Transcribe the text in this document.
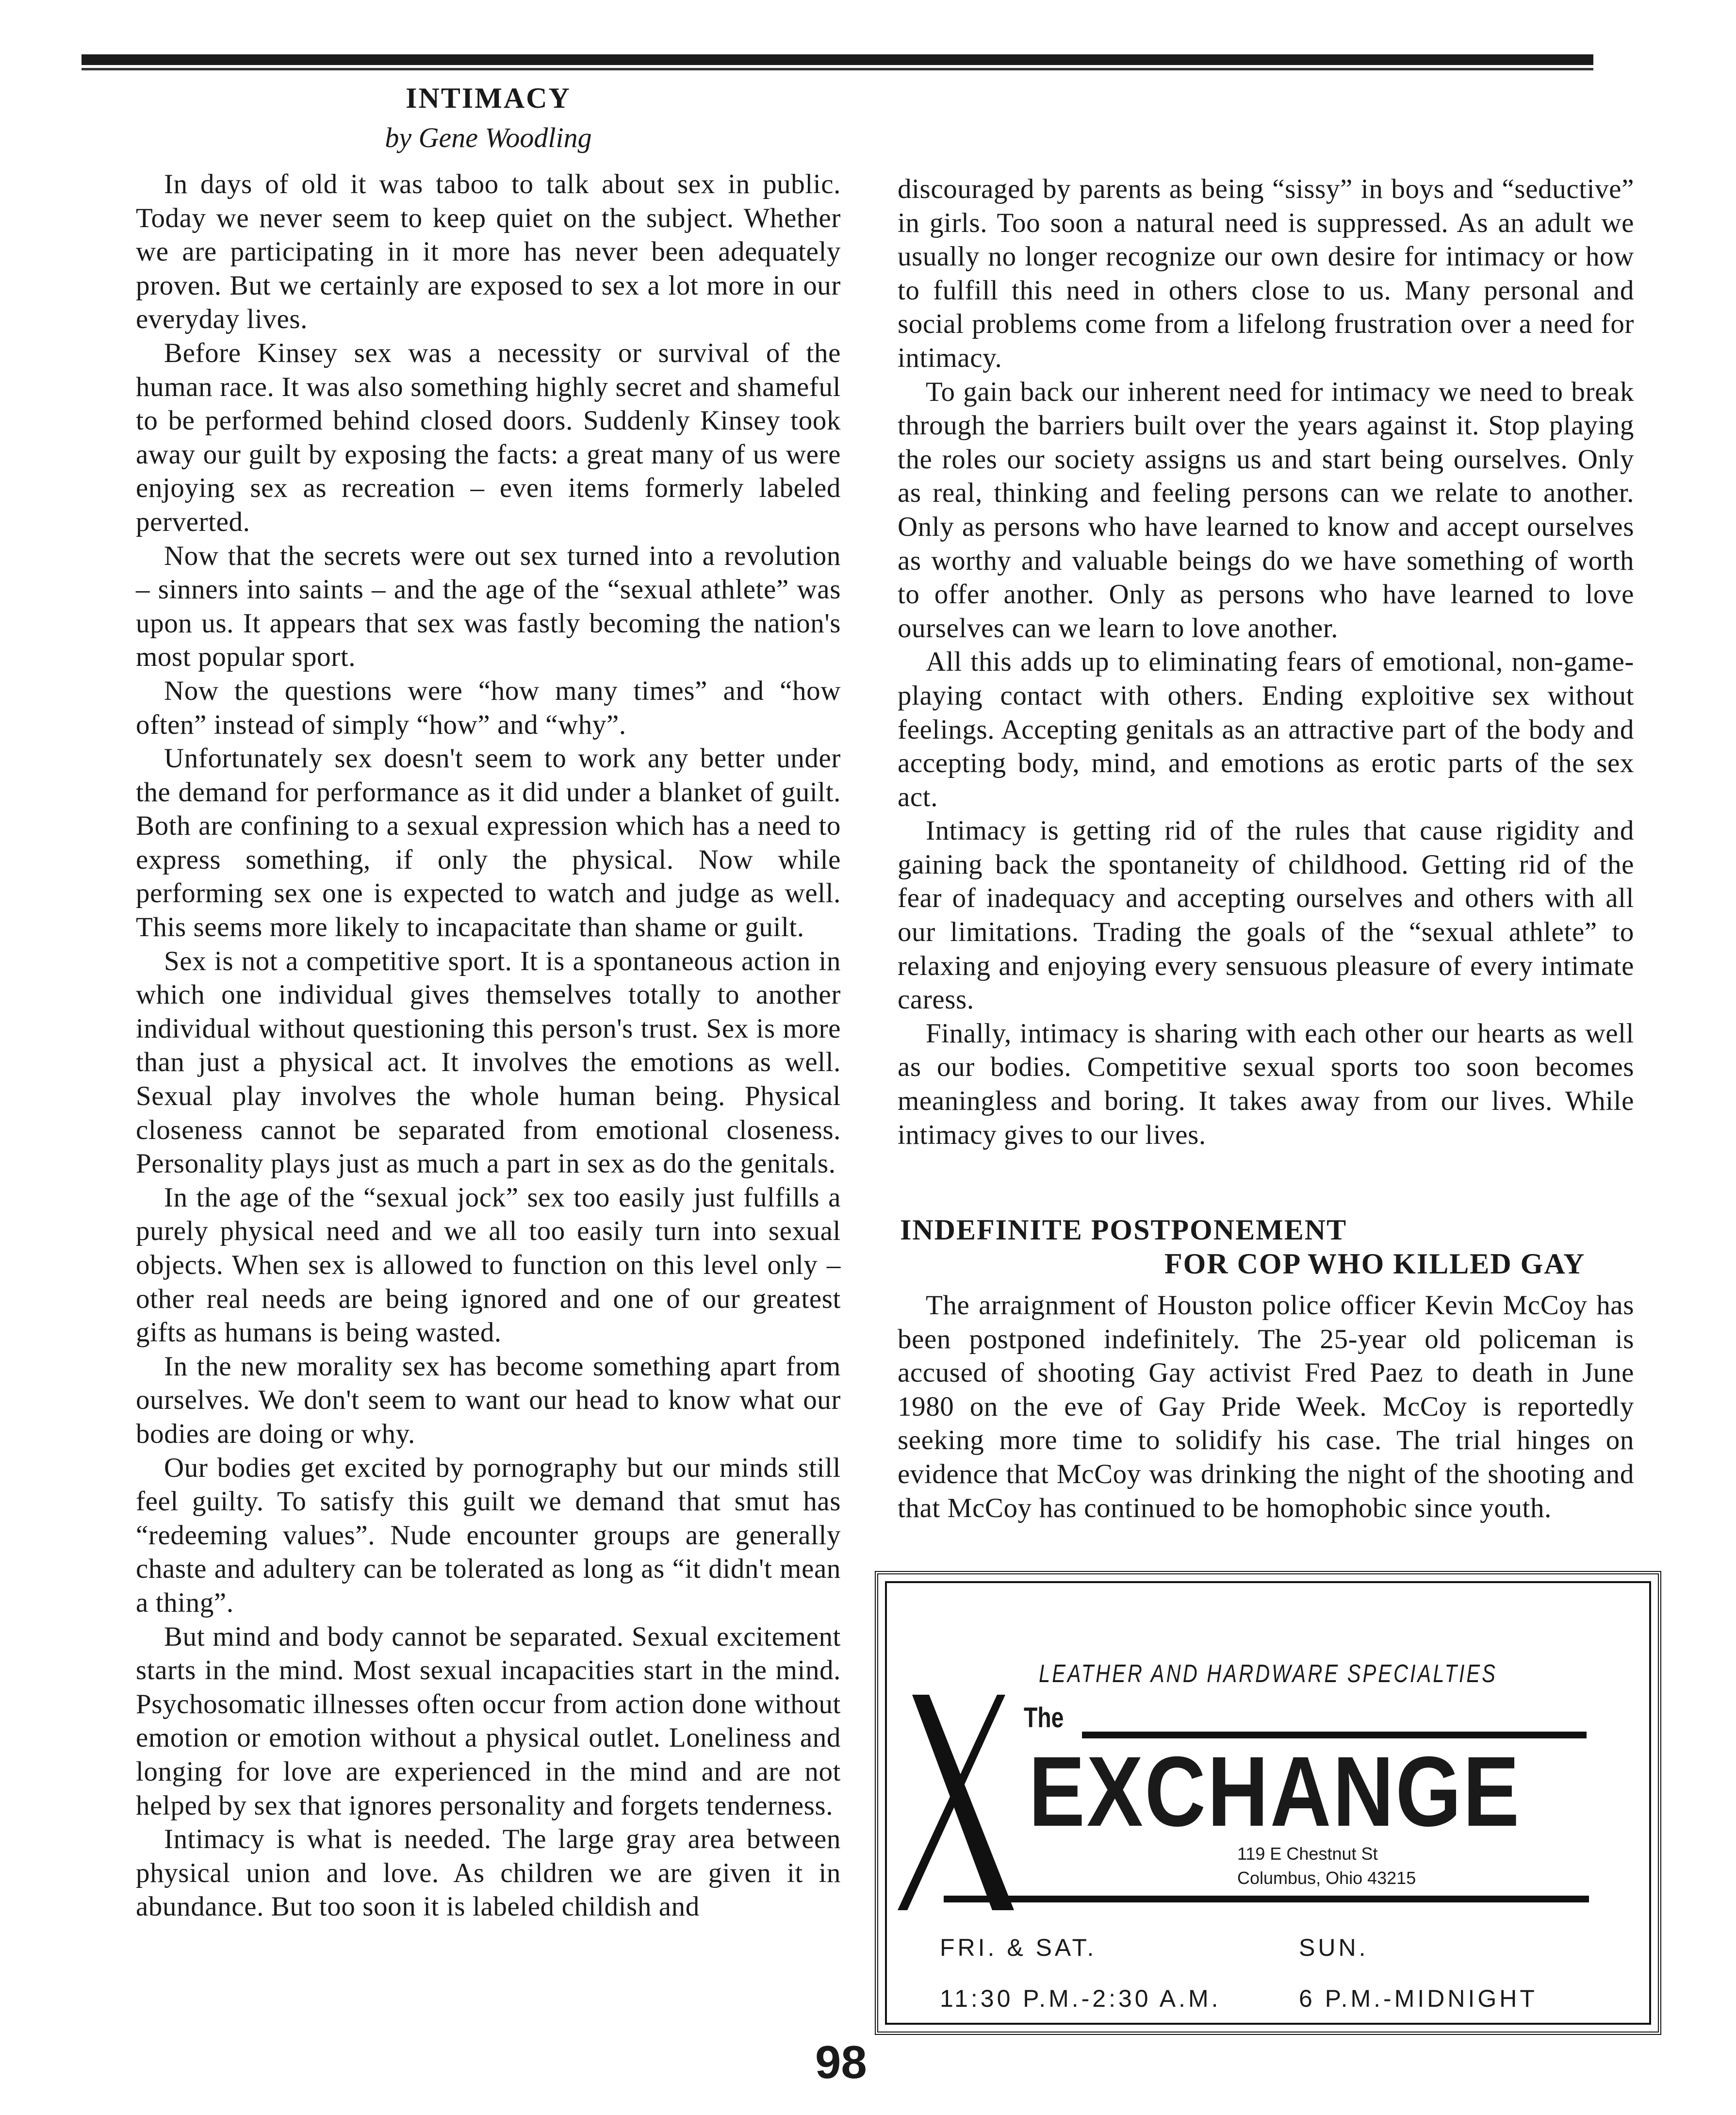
INTIMACY
by Gene Woodling

In days of old it was taboo to talk about sex in public. Today we never seem to keep quiet on the subject. Whether we are participating in it more has never been adequately proven. But we certainly are exposed to sex a lot more in our everyday lives.

Before Kinsey sex was a necessity or survival of the human race. It was also something highly secret and shameful to be performed behind closed doors. Suddenly Kinsey took away our guilt by exposing the facts: a great many of us were enjoying sex as recreation – even items formerly labeled perverted.

Now that the secrets were out sex turned into a revolution – sinners into saints – and the age of the “sexual athlete” was upon us. It appears that sex was fastly becoming the nation's most popular sport.

Now the questions were “how many times” and “how often” instead of simply “how” and “why”.

Unfortunately sex doesn't seem to work any better under the demand for performance as it did under a blanket of guilt. Both are confining to a sexual expression which has a need to express something, if only the physical. Now while performing sex one is expected to watch and judge as well. This seems more likely to incapacitate than shame or guilt.

Sex is not a competitive sport. It is a spontaneous action in which one individual gives themselves totally to another individual without questioning this person's trust. Sex is more than just a physical act. It involves the emotions as well. Sexual play involves the whole human being. Physical closeness cannot be separated from emotional closeness. Personality plays just as much a part in sex as do the genitals.

In the age of the “sexual jock” sex too easily just fulfills a purely physical need and we all too easily turn into sexual objects. When sex is allowed to function on this level only – other real needs are being ignored and one of our greatest gifts as humans is being wasted.

In the new morality sex has become something apart from ourselves. We don't seem to want our head to know what our bodies are doing or why.

Our bodies get excited by pornography but our minds still feel guilty. To satisfy this guilt we demand that smut has “redeeming values”. Nude encounter groups are generally chaste and adultery can be tolerated as long as “it didn't mean a thing”.

But mind and body cannot be separated. Sexual excitement starts in the mind. Most sexual incapacities start in the mind. Psychosomatic illnesses often occur from action done without emotion or emotion without a physical outlet. Loneliness and longing for love are experienced in the mind and are not helped by sex that ignores personality and forgets tenderness.

Intimacy is what is needed. The large gray area between physical union and love. As children we are given it in abundance. But too soon it is labeled childish and

discouraged by parents as being “sissy” in boys and “seductive” in girls. Too soon a natural need is suppressed. As an adult we usually no longer recognize our own desire for intimacy or how to fulfill this need in others close to us. Many personal and social problems come from a lifelong frustration over a need for intimacy.

To gain back our inherent need for intimacy we need to break through the barriers built over the years against it. Stop playing the roles our society assigns us and start being ourselves. Only as real, thinking and feeling persons can we relate to another. Only as persons who have learned to know and accept ourselves as worthy and valuable beings do we have something of worth to offer another. Only as persons who have learned to love ourselves can we learn to love another.

All this adds up to eliminating fears of emotional, non-game-playing contact with others. Ending exploitive sex without feelings. Accepting genitals as an attractive part of the body and accepting body, mind, and emotions as erotic parts of the sex act.

Intimacy is getting rid of the rules that cause rigidity and gaining back the spontaneity of childhood. Getting rid of the fear of inadequacy and accepting ourselves and others with all our limitations. Trading the goals of the “sexual athlete” to relaxing and enjoying every sensuous pleasure of every intimate caress.

Finally, intimacy is sharing with each other our hearts as well as our bodies. Competitive sexual sports too soon becomes meaningless and boring. It takes away from our lives. While intimacy gives to our lives.

INDEFINITE POSTPONEMENT
FOR COP WHO KILLED GAY

The arraignment of Houston police officer Kevin McCoy has been postponed indefinitely. The 25-year old policeman is accused of shooting Gay activist Fred Paez to death in June 1980 on the eve of Gay Pride Week. McCoy is reportedly seeking more time to solidify his case. The trial hinges on evidence that McCoy was drinking the night of the shooting and that McCoy has continued to be homophobic since youth.

LEATHER AND HARDWARE SPECIALTIES
The
EXCHANGE
119 E Chestnut St
Columbus, Ohio 43215
FRI. & SAT.
11:30 P.M.-2:30 A.M.
SUN.
6 P.M.-MIDNIGHT
98
